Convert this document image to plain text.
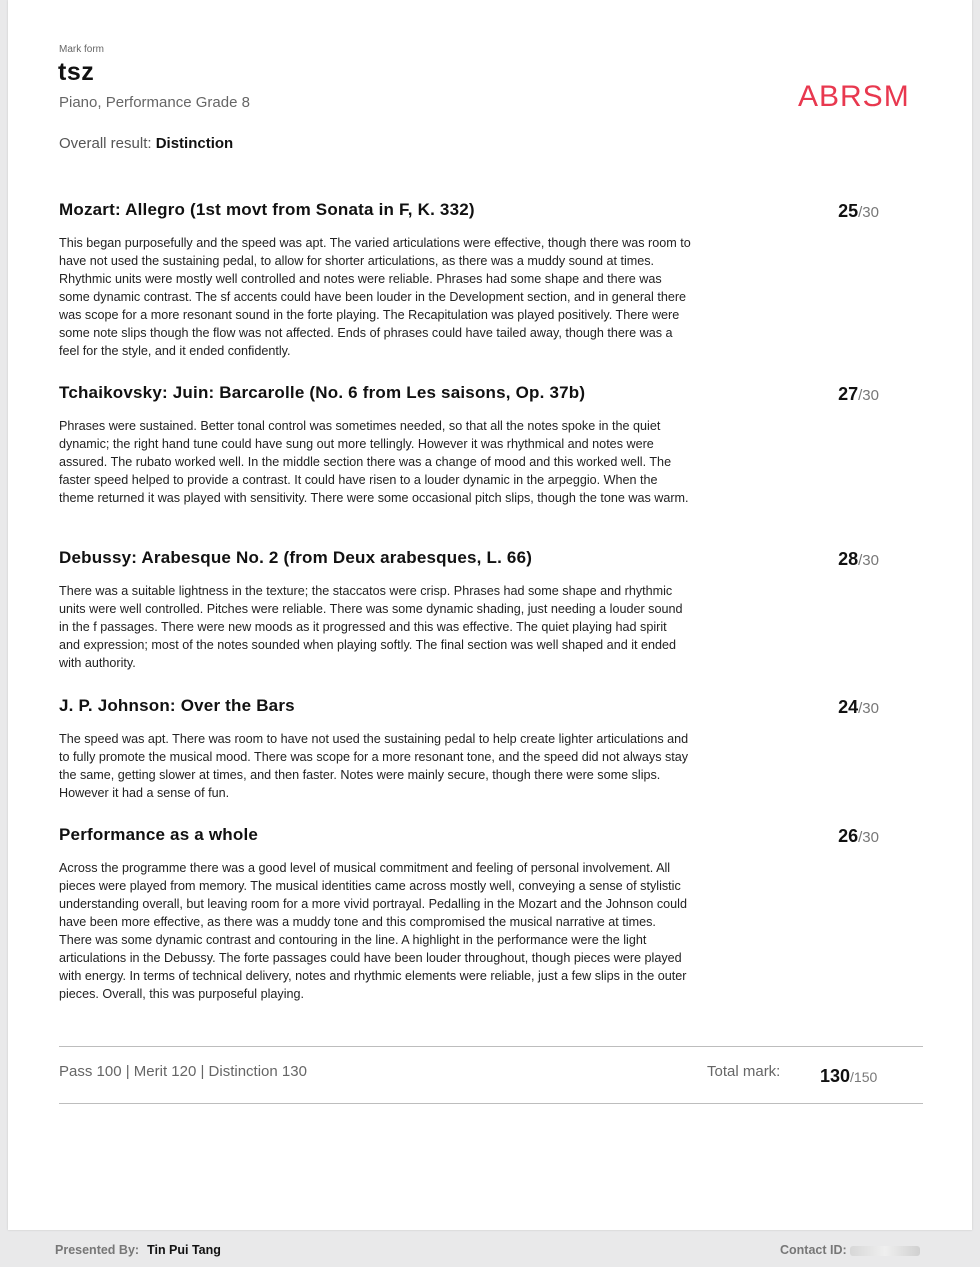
Mark form
tsz
Piano, Performance Grade 8
Overall result: Distinction
ABRSM
Mozart: Allegro (1st movt from Sonata in F, K. 332)	25/30
This began purposefully and the speed was apt. The varied articulations were effective, though there was room to have not used the sustaining pedal, to allow for shorter articulations, as there was a muddy sound at times. Rhythmic units were mostly well controlled and notes were reliable. Phrases had some shape and there was some dynamic contrast. The sf accents could have been louder in the Development section, and in general there was scope for a more resonant sound in the forte playing. The Recapitulation was played positively. There were some note slips though the flow was not affected. Ends of phrases could have tailed away, though there was a feel for the style, and it ended confidently.
Tchaikovsky: Juin: Barcarolle (No. 6 from Les saisons, Op. 37b)	27/30
Phrases were sustained. Better tonal control was sometimes needed, so that all the notes spoke in the quiet dynamic; the right hand tune could have sung out more tellingly. However it was rhythmical and notes were assured. The rubato worked well. In the middle section there was a change of mood and this worked well. The faster speed helped to provide a contrast. It could have risen to a louder dynamic in the arpeggio. When the theme returned it was played with sensitivity. There were some occasional pitch slips, though the tone was warm.
Debussy: Arabesque No. 2 (from Deux arabesques, L. 66)	28/30
There was a suitable lightness in the texture; the staccatos were crisp. Phrases had some shape and rhythmic units were well controlled. Pitches were reliable. There was some dynamic shading, just needing a louder sound in the f passages. There were new moods as it progressed and this was effective. The quiet playing had spirit and expression; most of the notes sounded when playing softly. The final section was well shaped and it ended with authority.
J. P. Johnson: Over the Bars	24/30
The speed was apt. There was room to have not used the sustaining pedal to help create lighter articulations and to fully promote the musical mood. There was scope for a more resonant tone, and the speed did not always stay the same, getting slower at times, and then faster. Notes were mainly secure, though there were some slips. However it had a sense of fun.
Performance as a whole	26/30
Across the programme there was a good level of musical commitment and feeling of personal involvement. All pieces were played from memory. The musical identities came across mostly well, conveying a sense of stylistic understanding overall, but leaving room for a more vivid portrayal. Pedalling in the Mozart and the Johnson could have been more effective, as there was a muddy tone and this compromised the musical narrative at times. There was some dynamic contrast and contouring in the line. A highlight in the performance were the light articulations in the Debussy. The forte passages could have been louder throughout, though pieces were played with energy. In terms of technical delivery, notes and rhythmic elements were reliable, just a few slips in the outer pieces. Overall, this was purposeful playing.
Pass 100 | Merit 120 | Distinction 130	Total mark: 130/150
Presented By: Tin Pui Tang	Contact ID:
